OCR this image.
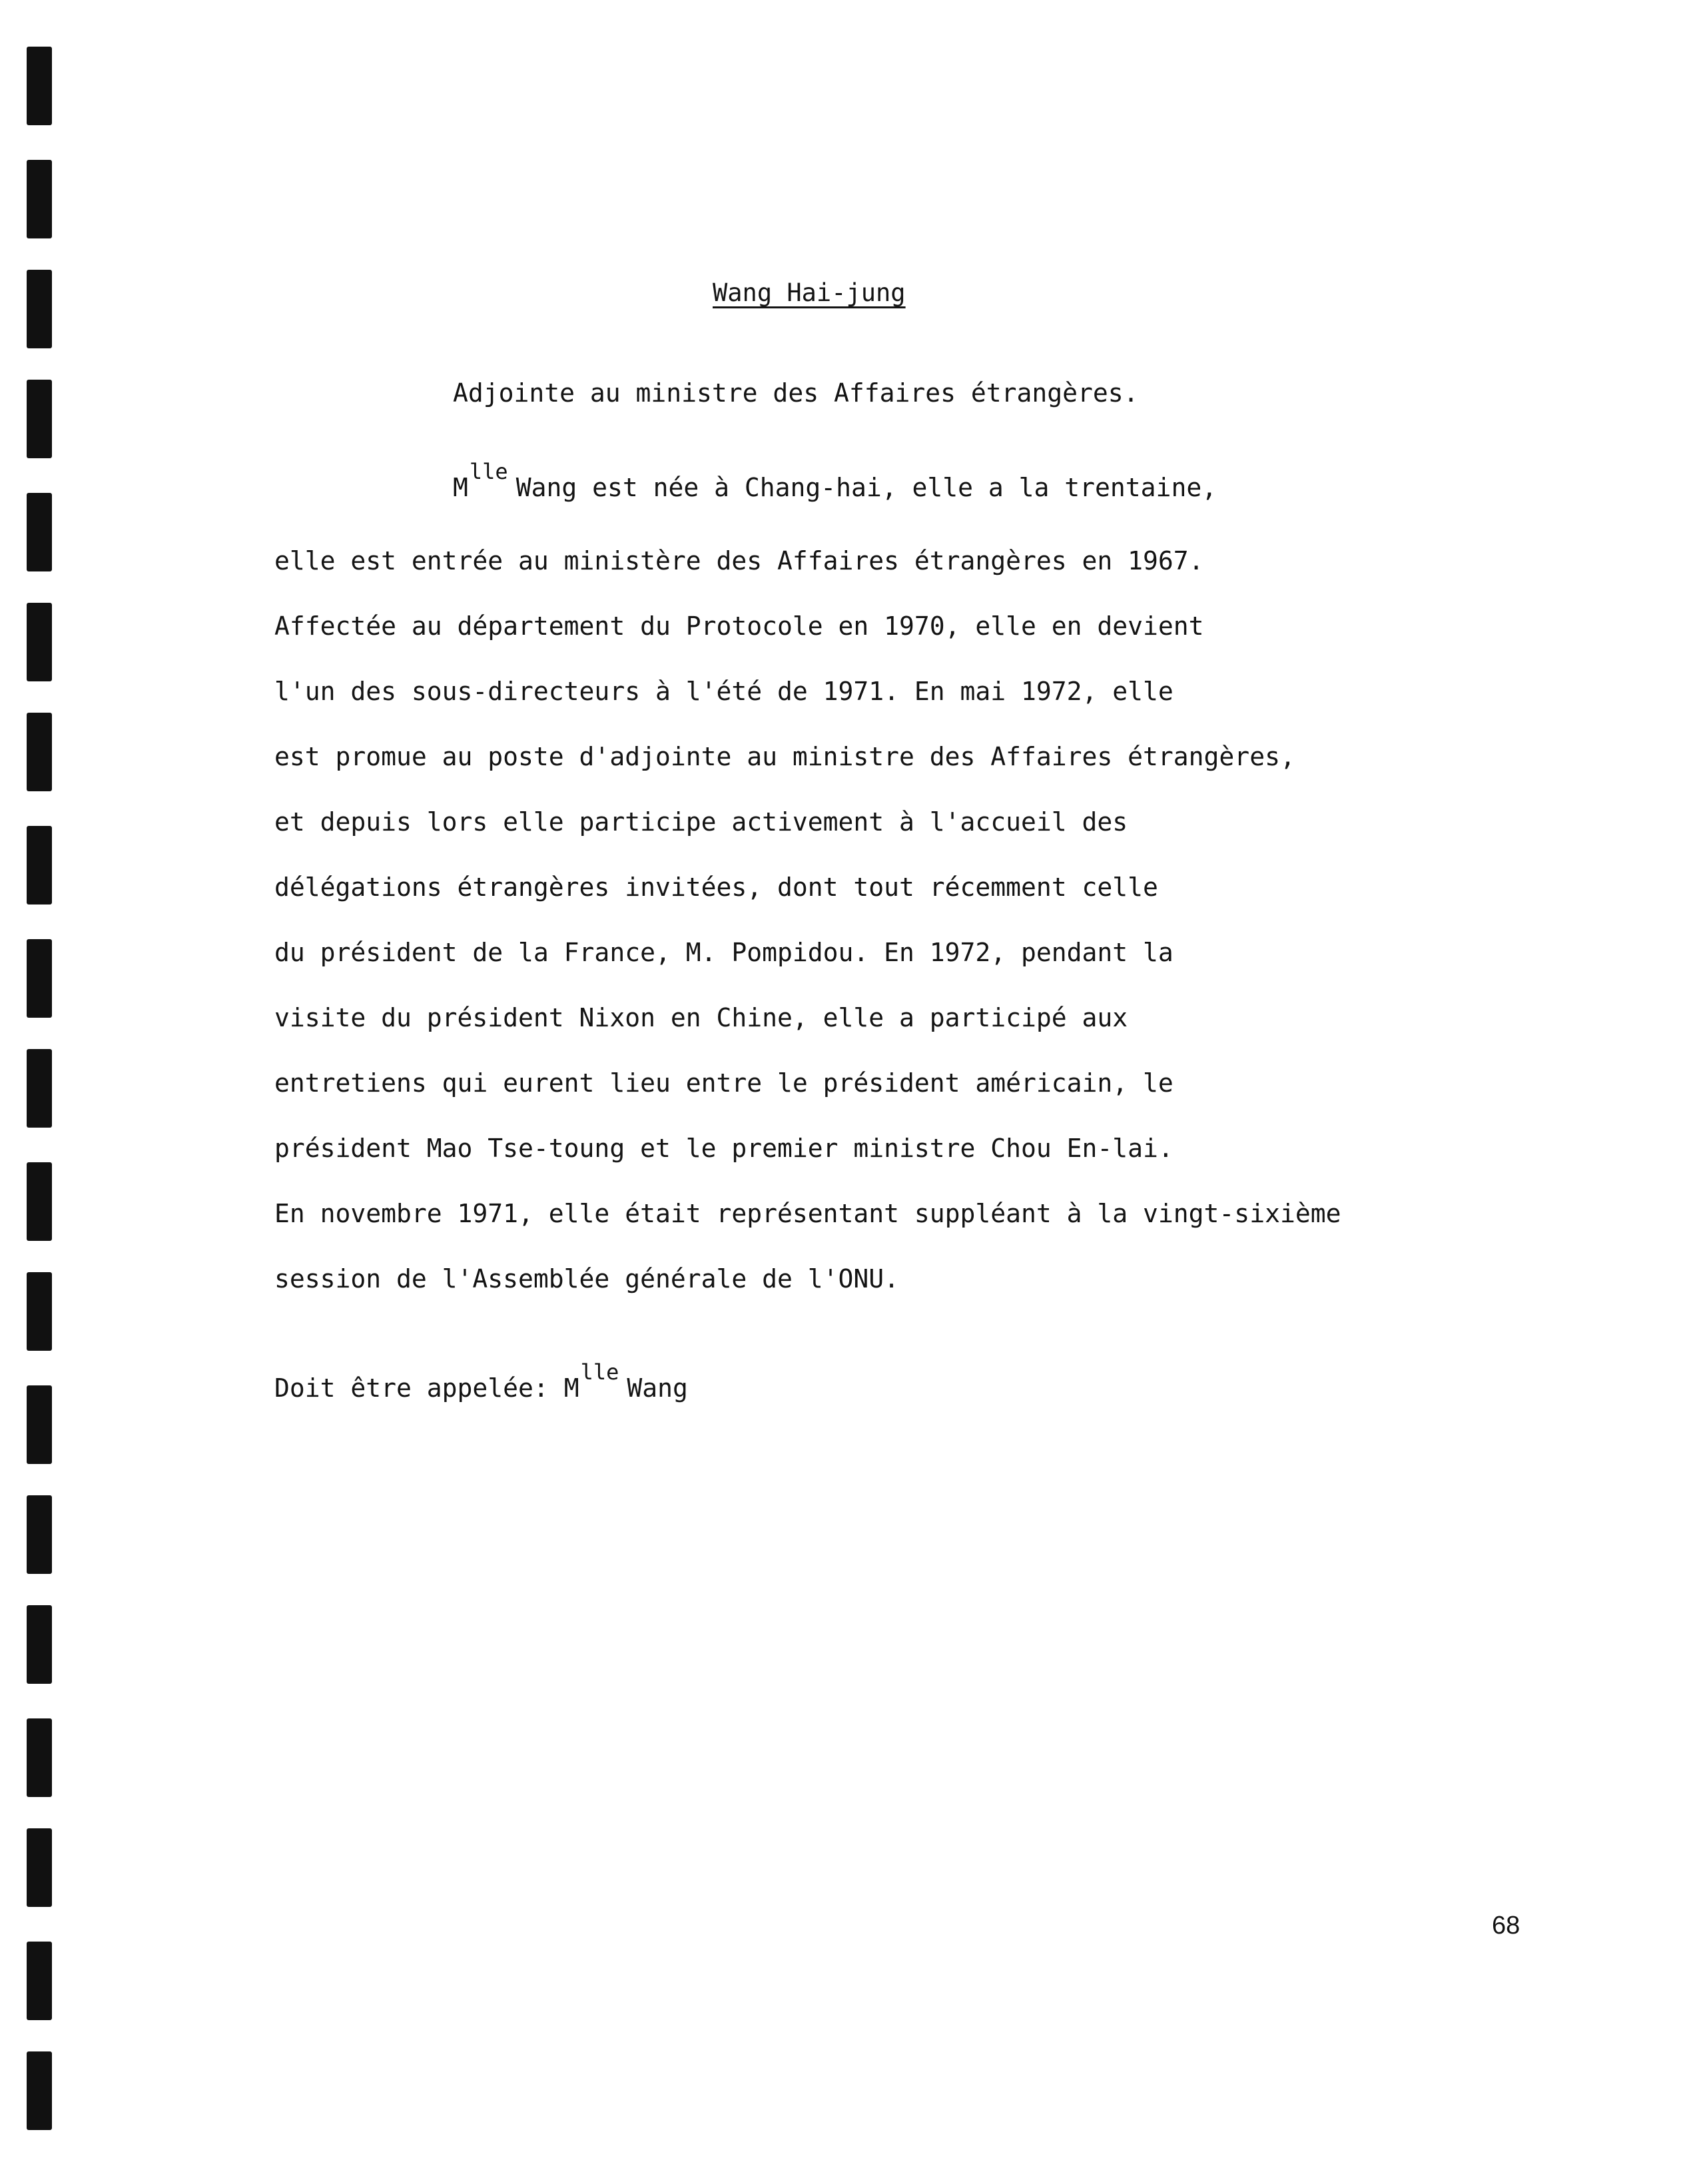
Wang Hai-jung
Adjointe au ministre des Affaires étrangères.
$M^{lle}Wang$ est née à Chang-hai, elle a la trentaine,
elle est entrée au ministère des Affaires étrangères en 1967.
Affectée au département du Protocole en 1970, elle en devient
l'un des sous-directeurs à l'été de 1971. En mai 1972, elle
est promue au poste d'adjointe au ministre des Affaires étrangères,
et depuis lors elle participe activement à l'accueil des
délégations étrangères invitées, dont tout récemment celle
du président de la France, M. Pompidou. En 1972, pendant la
visite du président Nixon en Chine, elle a participé aux
entretiens qui eurent lieu entre le président américain, le
président Mao Tse-toung et le premier ministre Chou En-lai.
En novembre 1971, elle était représentant suppléant à la vingt-sixième
session de l'Assemblée générale de l'ONU.
Doit être appelée: $M^{lle}Wang$
68
